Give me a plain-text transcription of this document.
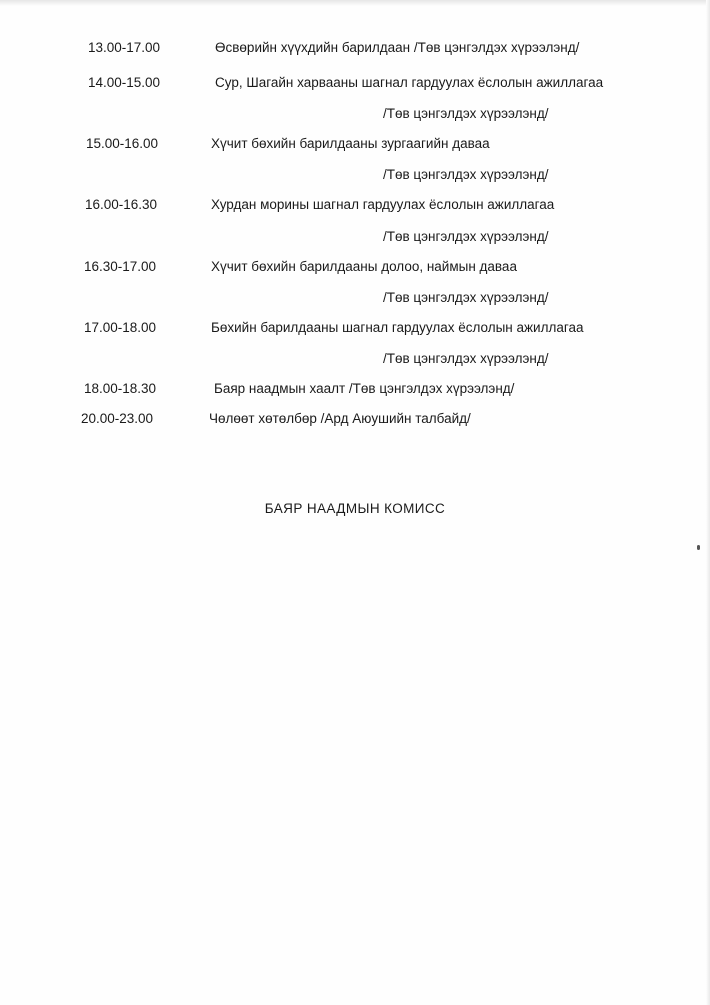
13.00-17.00	Өсвөрийн хүүхдийн барилдаан /Төв цэнгэлдэх хүрээлэнд/
14.00-15.00	Сур, Шагайн харвааны шагнал гардуулах ёслолын ажиллагаа
/Төв цэнгэлдэх хүрээлэнд/
15.00-16.00	Хүчит бөхийн барилдааны зургаагийн даваа
/Төв цэнгэлдэх хүрээлэнд/
16.00-16.30	Хурдан морины шагнал гардуулах ёслолын ажиллагаа
/Төв цэнгэлдэх хүрээлэнд/
16.30-17.00	Хүчит бөхийн барилдааны долоо, наймын даваа
/Төв цэнгэлдэх хүрээлэнд/
17.00-18.00	Бөхийн барилдааны шагнал гардуулах ёслолын ажиллагаа
/Төв цэнгэлдэх хүрээлэнд/
18.00-18.30	Баяр наадмын хаалт /Төв цэнгэлдэх хүрээлэнд/
20.00-23.00	Чөлөөт хөтөлбөр /Ард Аюушийн талбайд/
БАЯР НААДМЫН КОМИСС
